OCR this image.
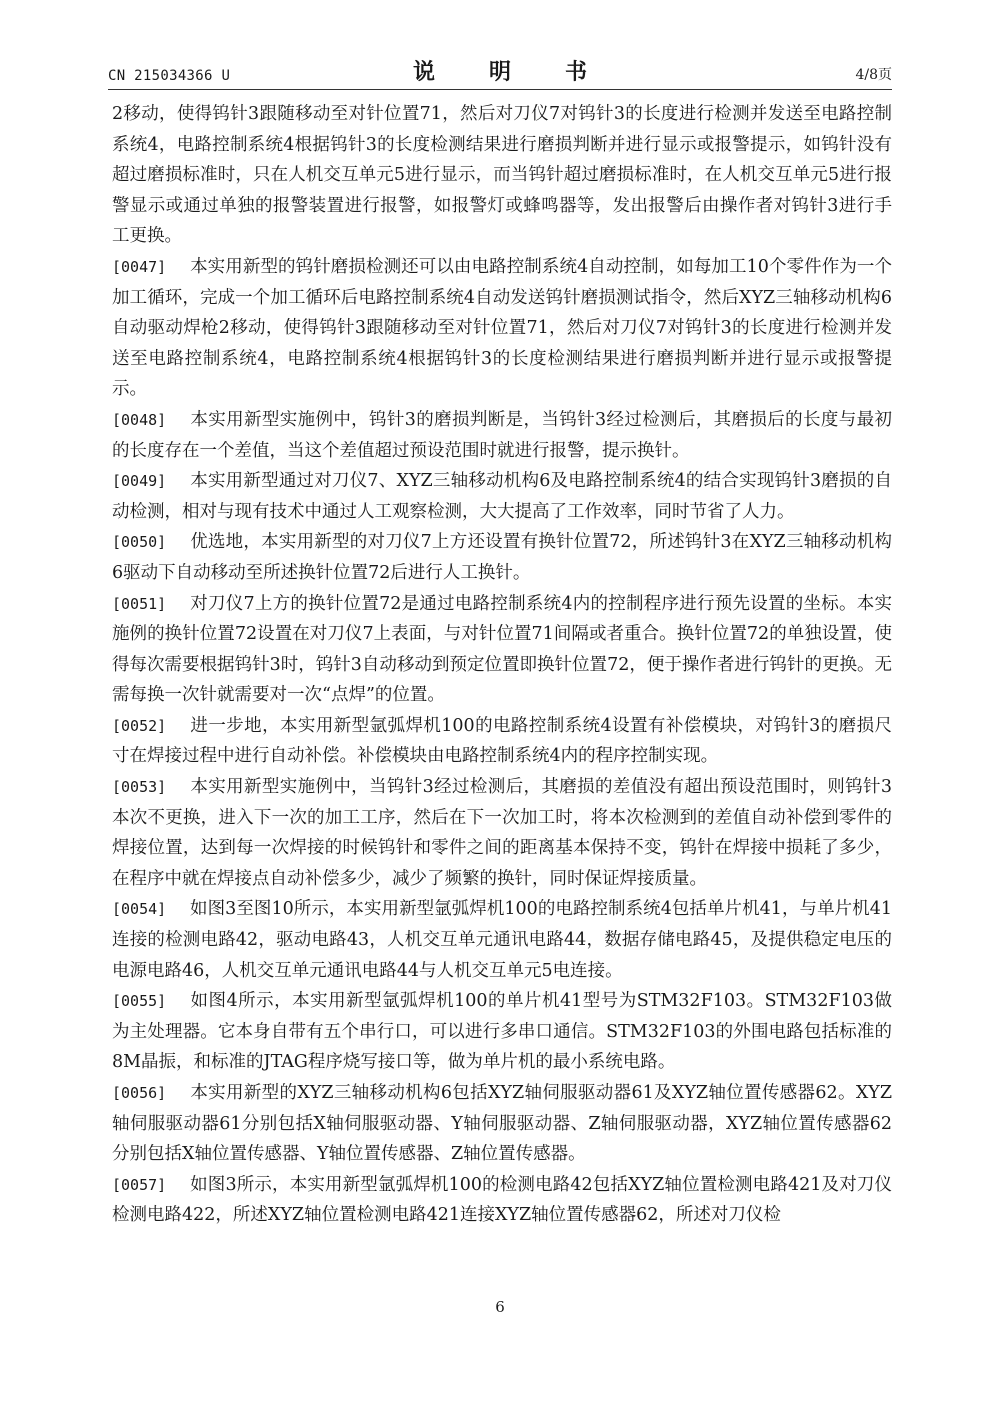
CN 215034366 U	说　明　书	4/8页

2移动，使得钨针3跟随移动至对针位置71，然后对刀仪7对钨针3的长度进行检测并发送至电路控制系统4，电路控制系统4根据钨针3的长度检测结果进行磨损判断并进行显示或报警提示，如钨针没有超过磨损标准时，只在人机交互单元5进行显示，而当钨针超过磨损标准时，在人机交互单元5进行报警显示或通过单独的报警装置进行报警，如报警灯或蜂鸣器等，发出报警后由操作者对钨针3进行手工更换。

[0047] 本实用新型的钨针磨损检测还可以由电路控制系统4自动控制，如每加工10个零件作为一个加工循环，完成一个加工循环后电路控制系统4自动发送钨针磨损测试指令，然后XYZ三轴移动机构6自动驱动焊枪2移动，使得钨针3跟随移动至对针位置71，然后对刀仪7对钨针3的长度进行检测并发送至电路控制系统4，电路控制系统4根据钨针3的长度检测结果进行磨损判断并进行显示或报警提示。

[0048] 本实用新型实施例中，钨针3的磨损判断是，当钨针3经过检测后，其磨损后的长度与最初的长度存在一个差值，当这个差值超过预设范围时就进行报警，提示换针。

[0049] 本实用新型通过对刀仪7、XYZ三轴移动机构6及电路控制系统4的结合实现钨针3磨损的自动检测，相对与现有技术中通过人工观察检测，大大提高了工作效率，同时节省了人力。

[0050] 优选地，本实用新型的对刀仪7上方还设置有换针位置72，所述钨针3在XYZ三轴移动机构6驱动下自动移动至所述换针位置72后进行人工换针。

[0051] 对刀仪7上方的换针位置72是通过电路控制系统4内的控制程序进行预先设置的坐标。本实施例的换针位置72设置在对刀仪7上表面，与对针位置71间隔或者重合。换针位置72的单独设置，使得每次需要根据钨针3时，钨针3自动移动到预定位置即换针位置72，便于操作者进行钨针的更换。无需每换一次针就需要对一次“点焊”的位置。

[0052] 进一步地，本实用新型氩弧焊机100的电路控制系统4设置有补偿模块，对钨针3的磨损尺寸在焊接过程中进行自动补偿。补偿模块由电路控制系统4内的程序控制实现。

[0053] 本实用新型实施例中，当钨针3经过检测后，其磨损的差值没有超出预设范围时，则钨针3本次不更换，进入下一次的加工工序，然后在下一次加工时，将本次检测到的差值自动补偿到零件的焊接位置，达到每一次焊接的时候钨针和零件之间的距离基本保持不变，钨针在焊接中损耗了多少，在程序中就在焊接点自动补偿多少，减少了频繁的换针，同时保证焊接质量。

[0054] 如图3至图10所示，本实用新型氩弧焊机100的电路控制系统4包括单片机41，与单片机41连接的检测电路42，驱动电路43，人机交互单元通讯电路44，数据存储电路45，及提供稳定电压的电源电路46，人机交互单元通讯电路44与人机交互单元5电连接。

[0055] 如图4所示，本实用新型氩弧焊机100的单片机41型号为STM32F103。STM32F103做为主处理器。它本身自带有五个串行口，可以进行多串口通信。STM32F103的外围电路包括标准的8M晶振，和标准的JTAG程序烧写接口等，做为单片机的最小系统电路。

[0056] 本实用新型的XYZ三轴移动机构6包括XYZ轴伺服驱动器61及XYZ轴位置传感器62。XYZ轴伺服驱动器61分别包括X轴伺服驱动器、Y轴伺服驱动器、Z轴伺服驱动器，XYZ轴位置传感器62分别包括X轴位置传感器、Y轴位置传感器、Z轴位置传感器。

[0057] 如图3所示，本实用新型氩弧焊机100的检测电路42包括XYZ轴位置检测电路421及对刀仪检测电路422，所述XYZ轴位置检测电路421连接XYZ轴位置传感器62，所述对刀仪检

6
